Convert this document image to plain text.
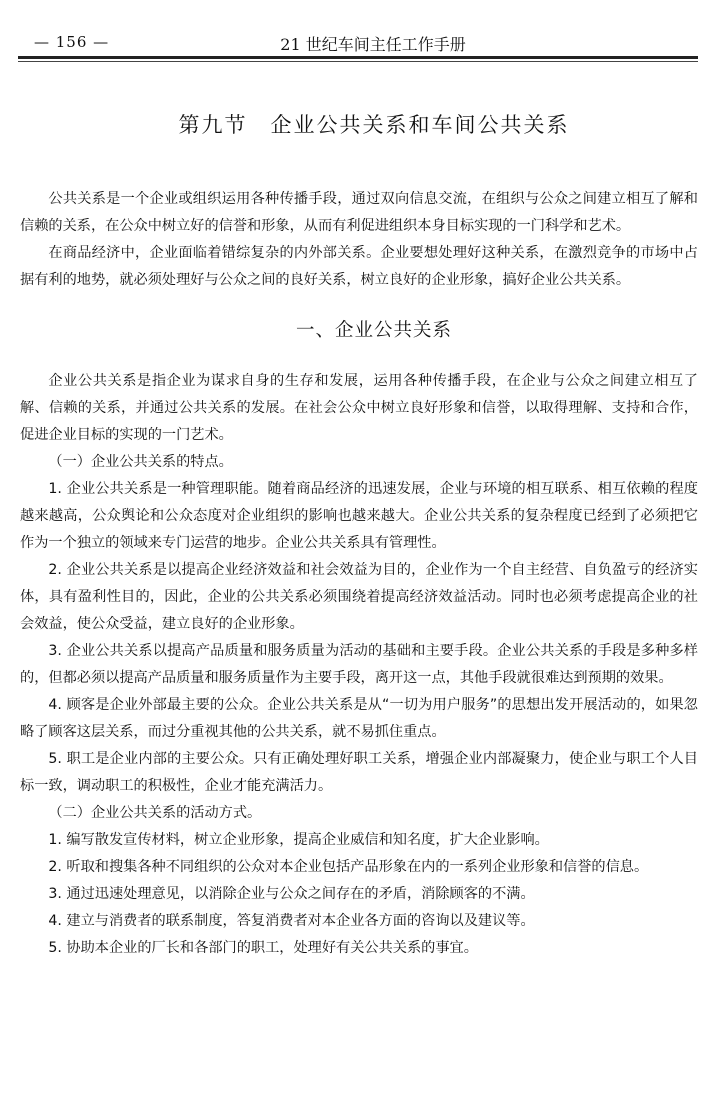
— 156 —	21 世纪车间主任工作手册
第九节　企业公共关系和车间公共关系

公共关系是一个企业或组织运用各种传播手段，通过双向信息交流，在组织与公众之间建立相互了解和信赖的关系，在公众中树立好的信誉和形象，从而有利促进组织本身目标实现的一门科学和艺术。

在商品经济中，企业面临着错综复杂的内外部关系。企业要想处理好这种关系，在激烈竞争的市场中占据有利的地势，就必须处理好与公众之间的良好关系，树立良好的企业形象，搞好企业公共关系。

一、企业公共关系

企业公共关系是指企业为谋求自身的生存和发展，运用各种传播手段，在企业与公众之间建立相互了解、信赖的关系，并通过公共关系的发展。在社会公众中树立良好形象和信誉，以取得理解、支持和合作，促进企业目标的实现的一门艺术。

（一）企业公共关系的特点。

1. 企业公共关系是一种管理职能。随着商品经济的迅速发展，企业与环境的相互联系、相互依赖的程度越来越高，公众舆论和公众态度对企业组织的影响也越来越大。企业公共关系的复杂程度已经到了必须把它作为一个独立的领域来专门运营的地步。企业公共关系具有管理性。

2. 企业公共关系是以提高企业经济效益和社会效益为目的，企业作为一个自主经营、自负盈亏的经济实体，具有盈利性目的，因此，企业的公共关系必须围绕着提高经济效益活动。同时也必须考虑提高企业的社会效益，使公众受益，建立良好的企业形象。

3. 企业公共关系以提高产品质量和服务质量为活动的基础和主要手段。企业公共关系的手段是多种多样的，但都必须以提高产品质量和服务质量作为主要手段，离开这一点，其他手段就很难达到预期的效果。

4. 顾客是企业外部最主要的公众。企业公共关系是从“一切为用户服务”的思想出发开展活动的，如果忽略了顾客这层关系，而过分重视其他的公共关系，就不易抓住重点。

5. 职工是企业内部的主要公众。只有正确处理好职工关系，增强企业内部凝聚力，使企业与职工个人目标一致，调动职工的积极性，企业才能充满活力。

（二）企业公共关系的活动方式。

1. 编写散发宣传材料，树立企业形象，提高企业威信和知名度，扩大企业影响。

2. 听取和搜集各种不同组织的公众对本企业包括产品形象在内的一系列企业形象和信誉的信息。

3. 通过迅速处理意见，以消除企业与公众之间存在的矛盾，消除顾客的不满。

4. 建立与消费者的联系制度，答复消费者对本企业各方面的咨询以及建议等。

5. 协助本企业的厂长和各部门的职工，处理好有关公共关系的事宜。
